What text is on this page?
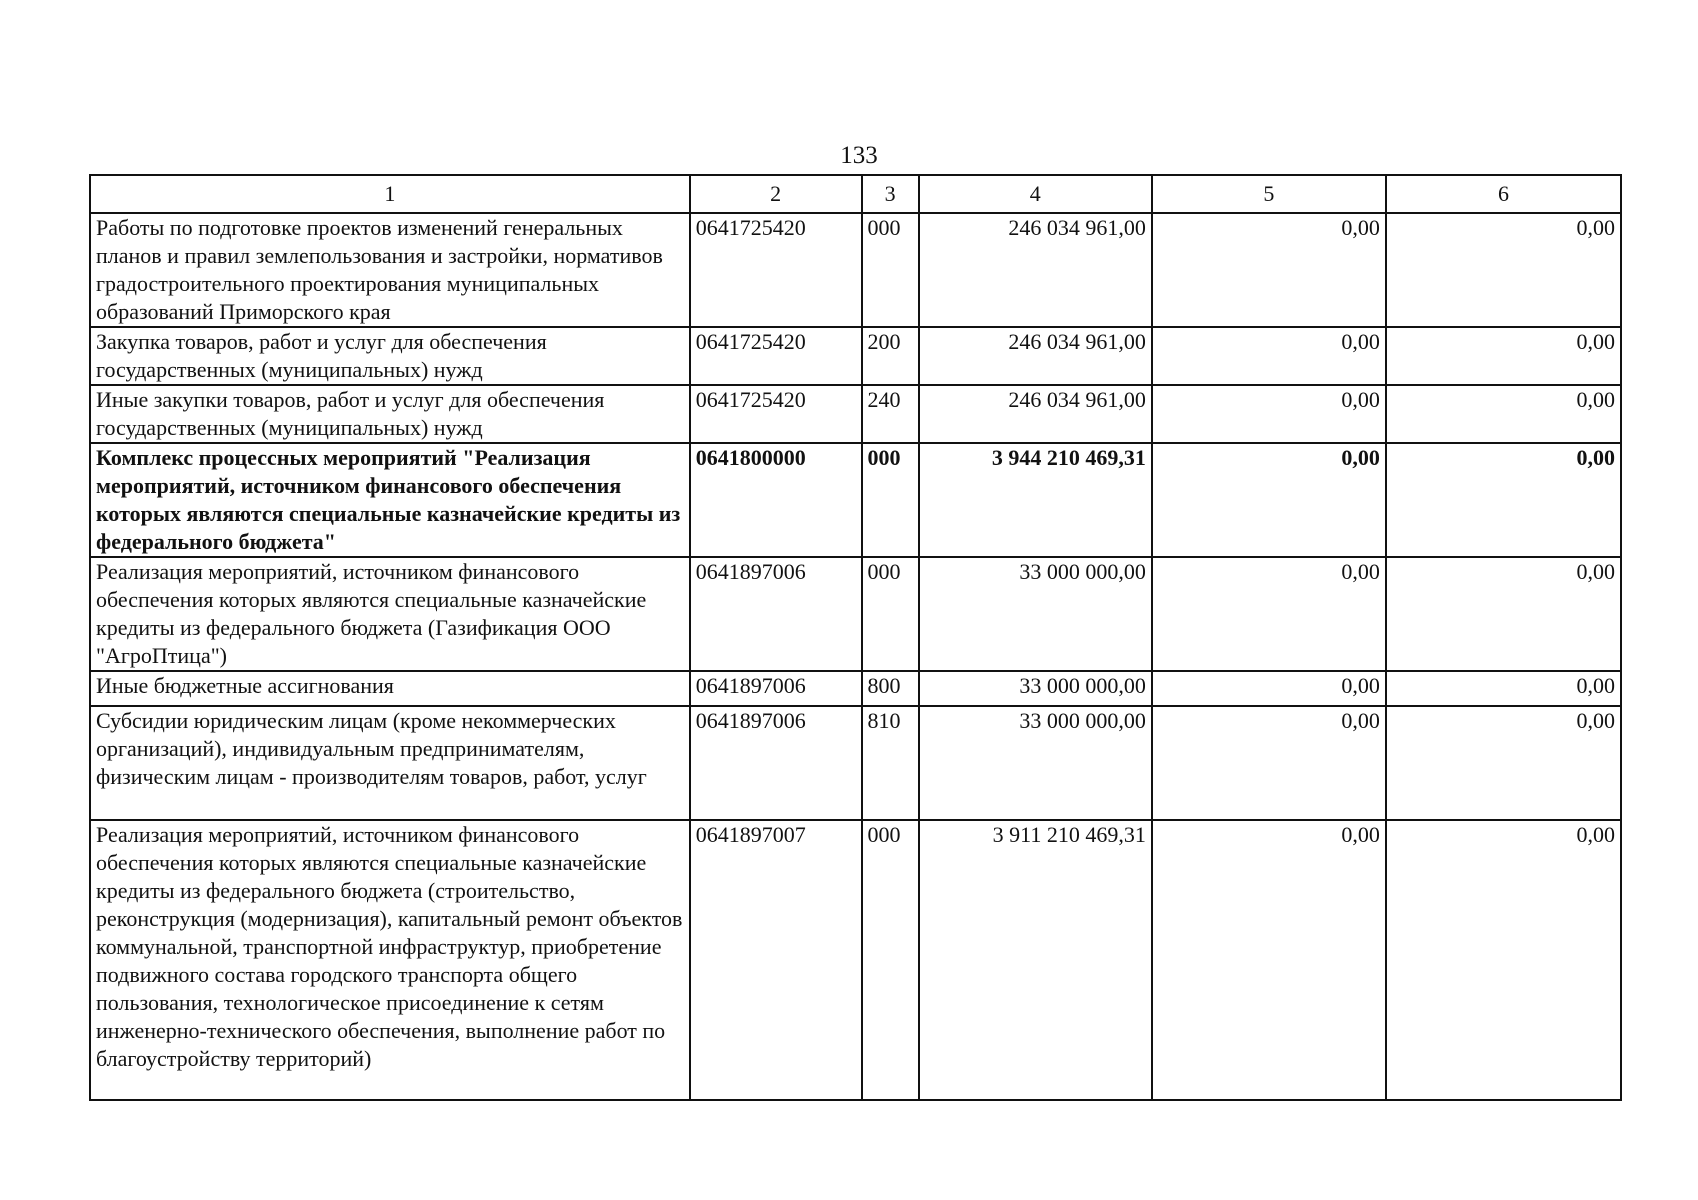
133
1	2	3	4	5	6
Работы по подготовке проектов изменений генеральных планов и правил землепользования и застройки, нормативов градостроительного проектирования муниципальных образований Приморского края	0641725420	000	246 034 961,00	0,00	0,00
Закупка товаров, работ и услуг для обеспечения государственных (муниципальных) нужд	0641725420	200	246 034 961,00	0,00	0,00
Иные закупки товаров, работ и услуг для обеспечения государственных (муниципальных) нужд	0641725420	240	246 034 961,00	0,00	0,00
Комплекс процессных мероприятий "Реализация мероприятий, источником финансового обеспечения которых являются специальные казначейские кредиты из федерального бюджета"	0641800000	000	3 944 210 469,31	0,00	0,00
Реализация мероприятий, источником финансового обеспечения которых являются специальные казначейские кредиты из федерального бюджета (Газификация ООО "АгроПтица")	0641897006	000	33 000 000,00	0,00	0,00
Иные бюджетные ассигнования	0641897006	800	33 000 000,00	0,00	0,00
Субсидии юридическим лицам (кроме некоммерческих организаций), индивидуальным предпринимателям, физическим лицам - производителям товаров, работ, услуг	0641897006	810	33 000 000,00	0,00	0,00
Реализация мероприятий, источником финансового обеспечения которых являются специальные казначейские кредиты из федерального бюджета (строительство, реконструкция (модернизация), капитальный ремонт объектов коммунальной, транспортной инфраструктур, приобретение подвижного состава городского транспорта общего пользования, технологическое присоединение к сетям инженерно-технического обеспечения, выполнение работ по благоустройству территорий)	0641897007	000	3 911 210 469,31	0,00	0,00
